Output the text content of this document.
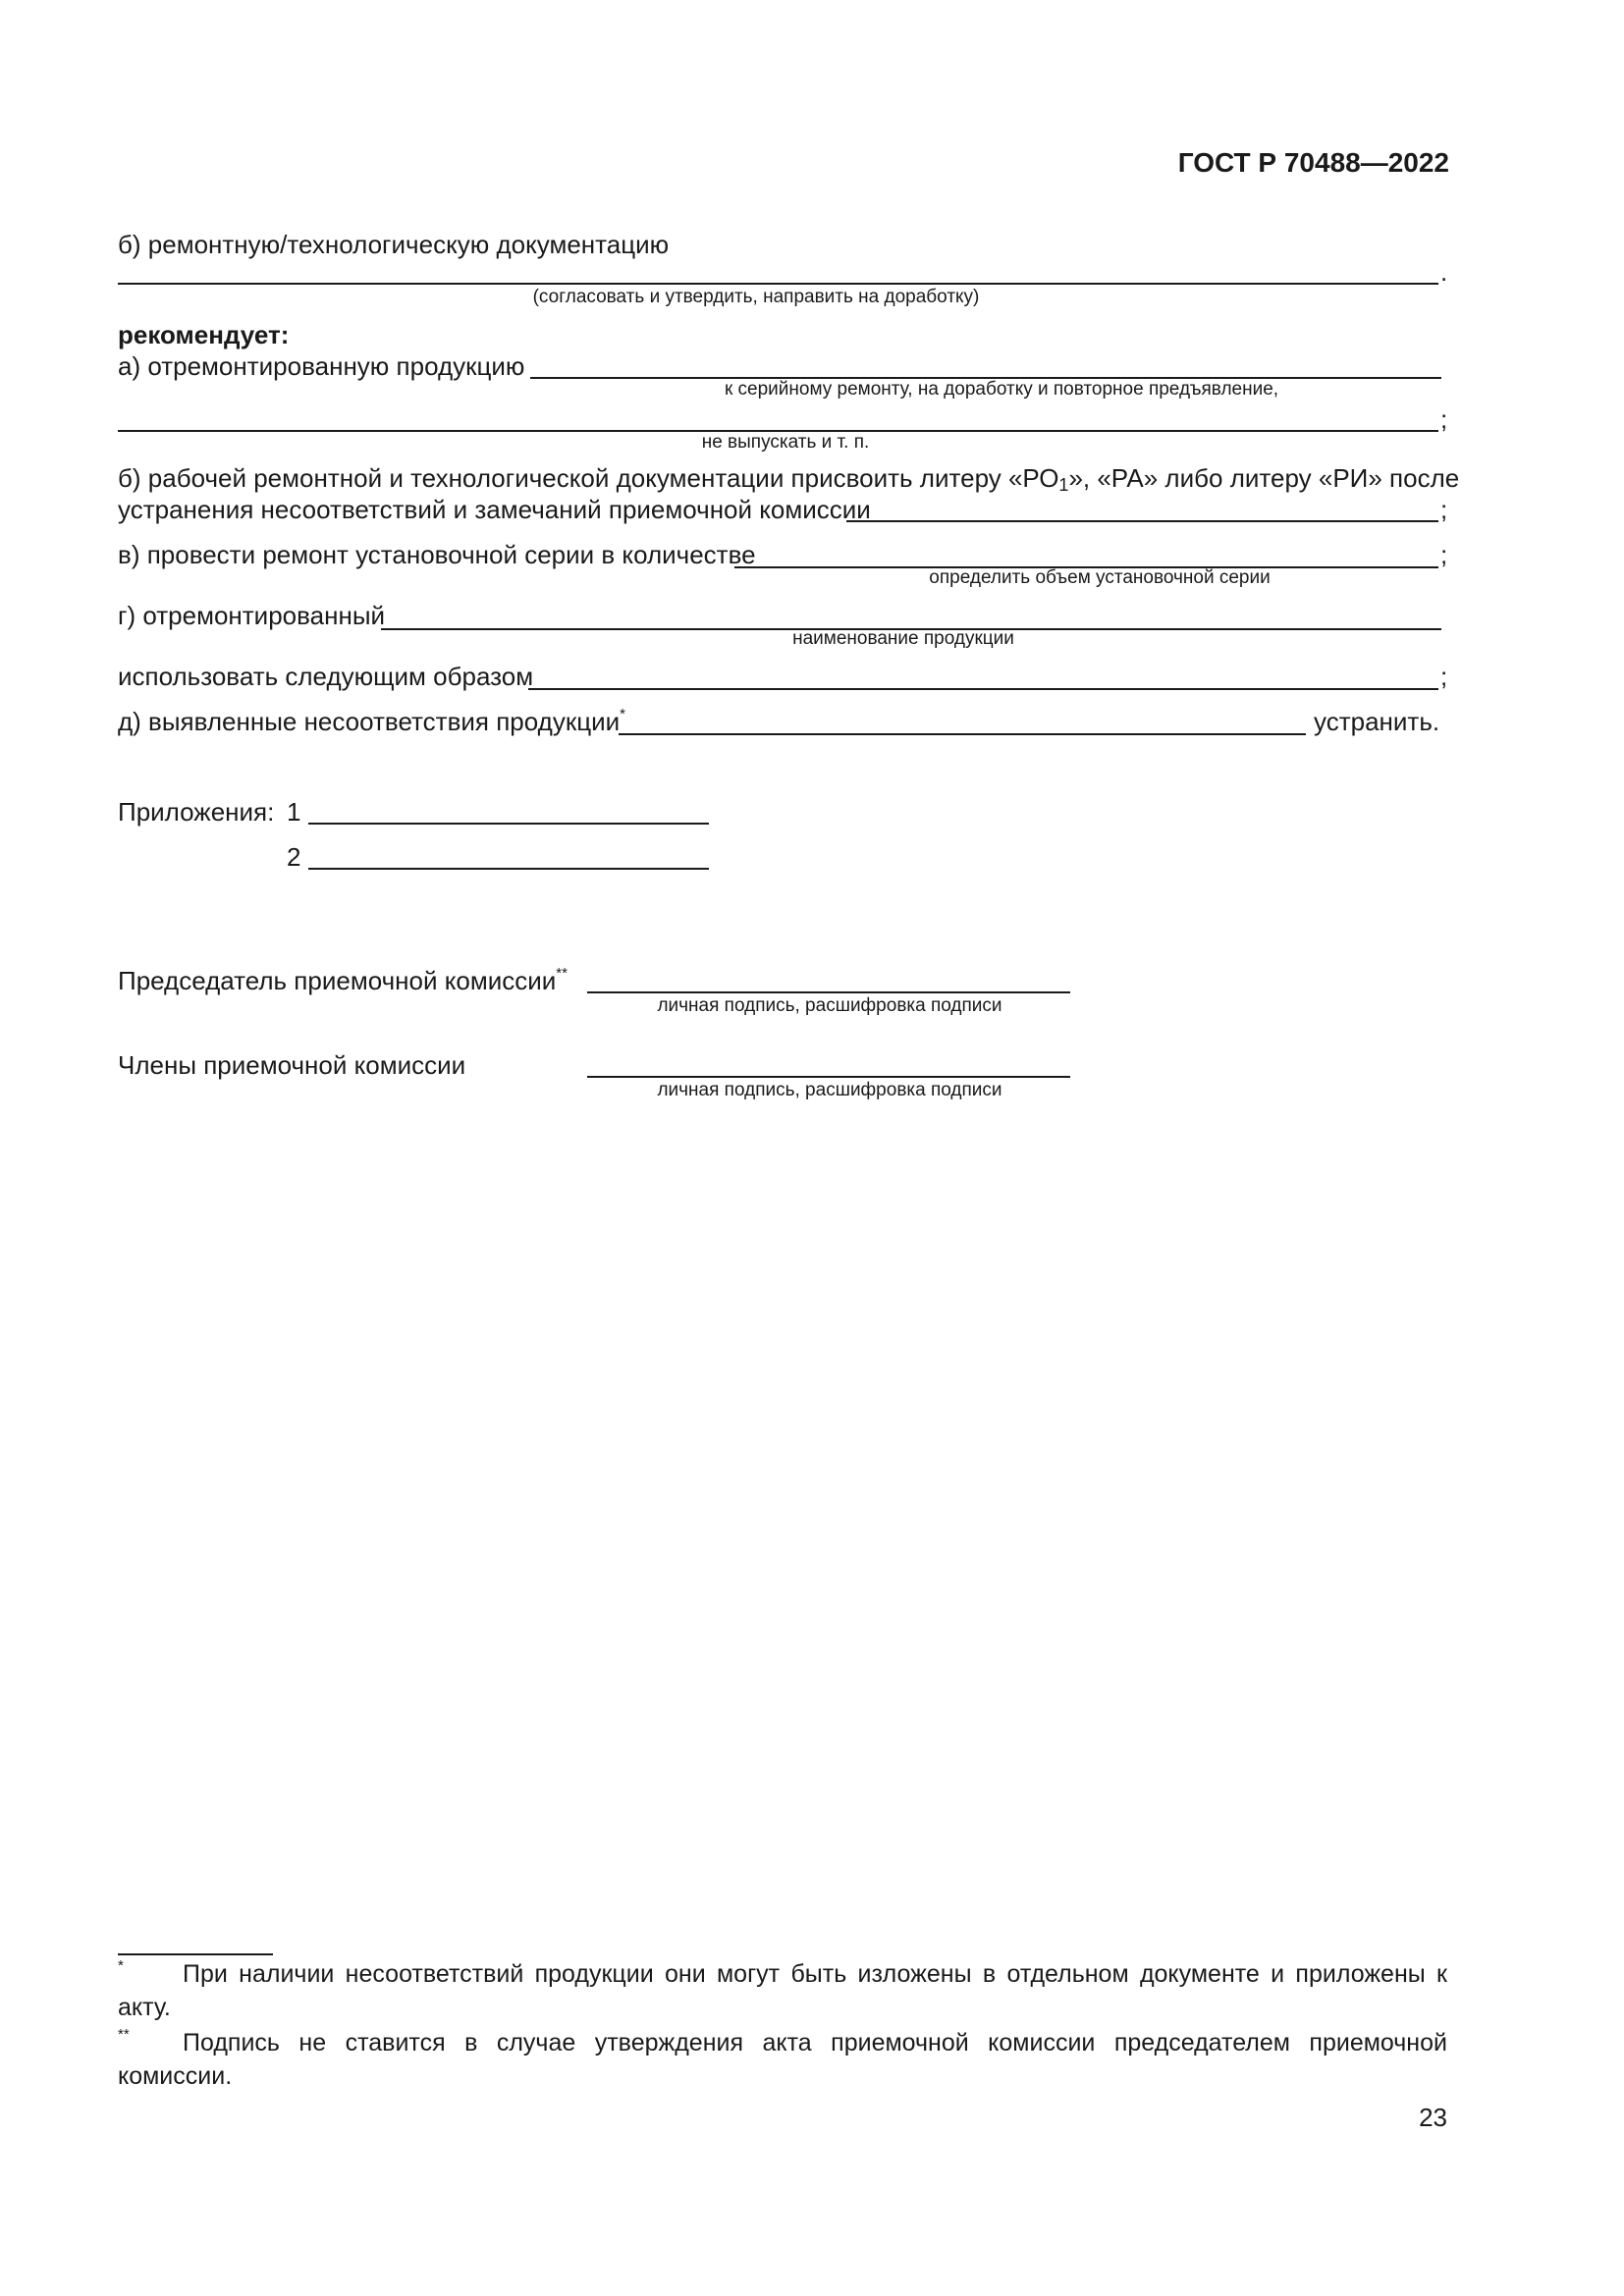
ГОСТ Р 70488—2022
б) ремонтную/технологическую документацию
.
(согласовать и утвердить, направить на доработку)
рекомендует:
а) отремонтированную продукцию
к серийному ремонту, на доработку и повторное предъявление,
;
не выпускать и т. п.
б) рабочей ремонтной и технологической документации присвоить литеру «$РО_1$», «РА» либо литеру «РИ» после
устранения несоответствий и замечаний приемочной комиссии	;
в) провести ремонт установочной серии в количестве	;
определить объем установочной серии
г) отремонтированный
наименование продукции
использовать следующим образом	;
д) выявленные несоответствия продукции*	устранить.
Приложения: 1
2
Председатель приемочной комиссии**
личная подпись, расшифровка подписи
Члены приемочной комиссии
личная подпись, расшифровка подписи
* При наличии несоответствий продукции они могут быть изложены в отдельном документе и приложены к
акту.
** Подпись не ставится в случае утверждения акта приемочной комиссии председателем приемочной
комиссии.
23
